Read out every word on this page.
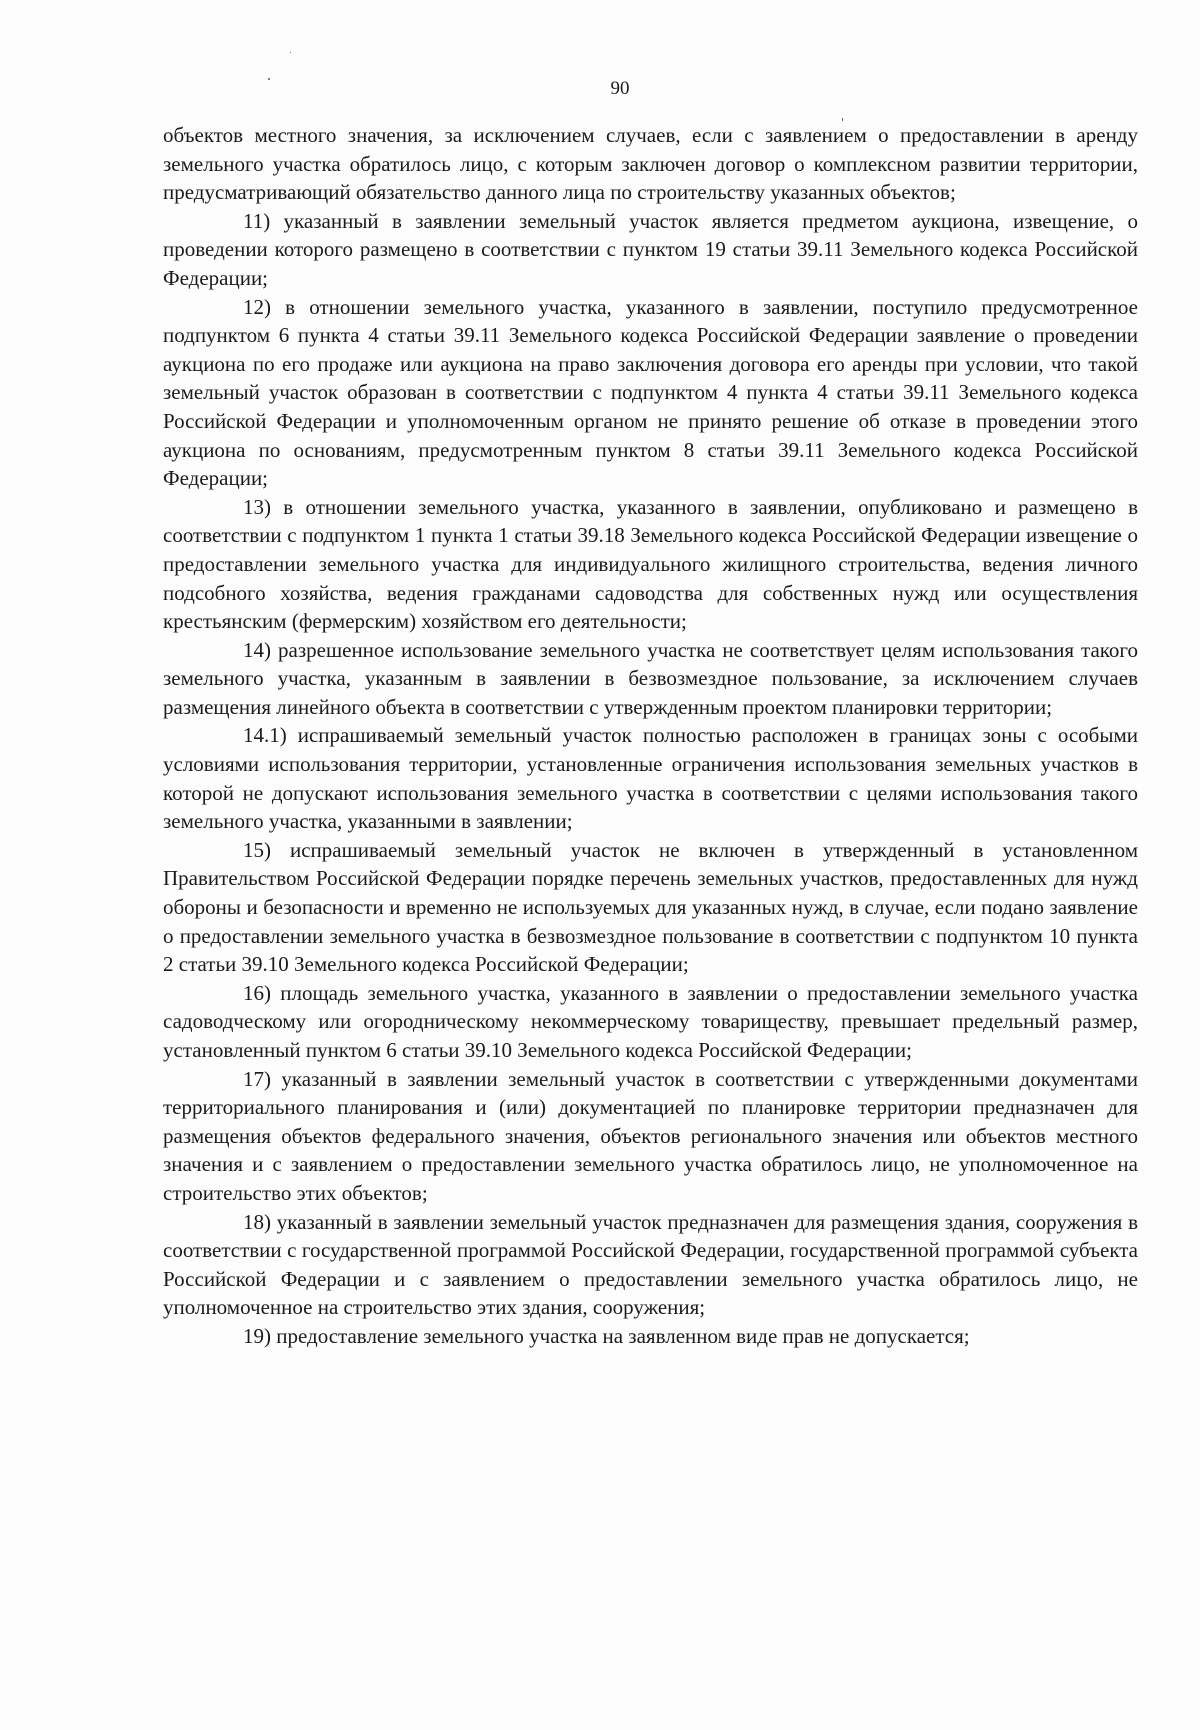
90

объектов местного значения, за исключением случаев, если с заявлением о предоставлении в аренду земельного участка обратилось лицо, с которым заключен договор о комплексном развитии территории, предусматривающий обязательство данного лица по строительству указанных объектов;

11) указанный в заявлении земельный участок является предметом аукциона, извещение, о проведении которого размещено в соответствии с пунктом 19 статьи 39.11 Земельного кодекса Российской Федерации;

12) в отношении земельного участка, указанного в заявлении, поступило предусмотренное подпунктом 6 пункта 4 статьи 39.11 Земельного кодекса Российской Федерации заявление о проведении аукциона по его продаже или аукциона на право заключения договора его аренды при условии, что такой земельный участок образован в соответствии с подпунктом 4 пункта 4 статьи 39.11 Земельного кодекса Российской Федерации и уполномоченным органом не принято решение об отказе в проведении этого аукциона по основаниям, предусмотренным пунктом 8 статьи 39.11 Земельного кодекса Российской Федерации;

13) в отношении земельного участка, указанного в заявлении, опубликовано и размещено в соответствии с подпунктом 1 пункта 1 статьи 39.18 Земельного кодекса Российской Федерации извещение о предоставлении земельного участка для индивидуального жилищного строительства, ведения личного подсобного хозяйства, ведения гражданами садоводства для собственных нужд или осуществления крестьянским (фермерским) хозяйством его деятельности;

14) разрешенное использование земельного участка не соответствует целям использования такого земельного участка, указанным в заявлении в безвозмездное пользование, за исключением случаев размещения линейного объекта в соответствии с утвержденным проектом планировки территории;

14.1) испрашиваемый земельный участок полностью расположен в границах зоны с особыми условиями использования территории, установленные ограничения использования земельных участков в которой не допускают использования земельного участка в соответствии с целями использования такого земельного участка, указанными в заявлении;

15) испрашиваемый земельный участок не включен в утвержденный в установленном Правительством Российской Федерации порядке перечень земельных участков, предоставленных для нужд обороны и безопасности и временно не используемых для указанных нужд, в случае, если подано заявление о предоставлении земельного участка в безвозмездное пользование в соответствии с подпунктом 10 пункта 2 статьи 39.10 Земельного кодекса Российской Федерации;

16) площадь земельного участка, указанного в заявлении о предоставлении земельного участка садоводческому или огородническому некоммерческому товариществу, превышает предельный размер, установленный пунктом 6 статьи 39.10 Земельного кодекса Российской Федерации;

17) указанный в заявлении земельный участок в соответствии с утвержденными документами территориального планирования и (или) документацией по планировке территории предназначен для размещения объектов федерального значения, объектов регионального значения или объектов местного значения и с заявлением о предоставлении земельного участка обратилось лицо, не уполномоченное на строительство этих объектов;

18) указанный в заявлении земельный участок предназначен для размещения здания, сооружения в соответствии с государственной программой Российской Федерации, государственной программой субъекта Российской Федерации и с заявлением о предоставлении земельного участка обратилось лицо, не уполномоченное на строительство этих здания, сооружения;

19) предоставление земельного участка на заявленном виде прав не допускается;
